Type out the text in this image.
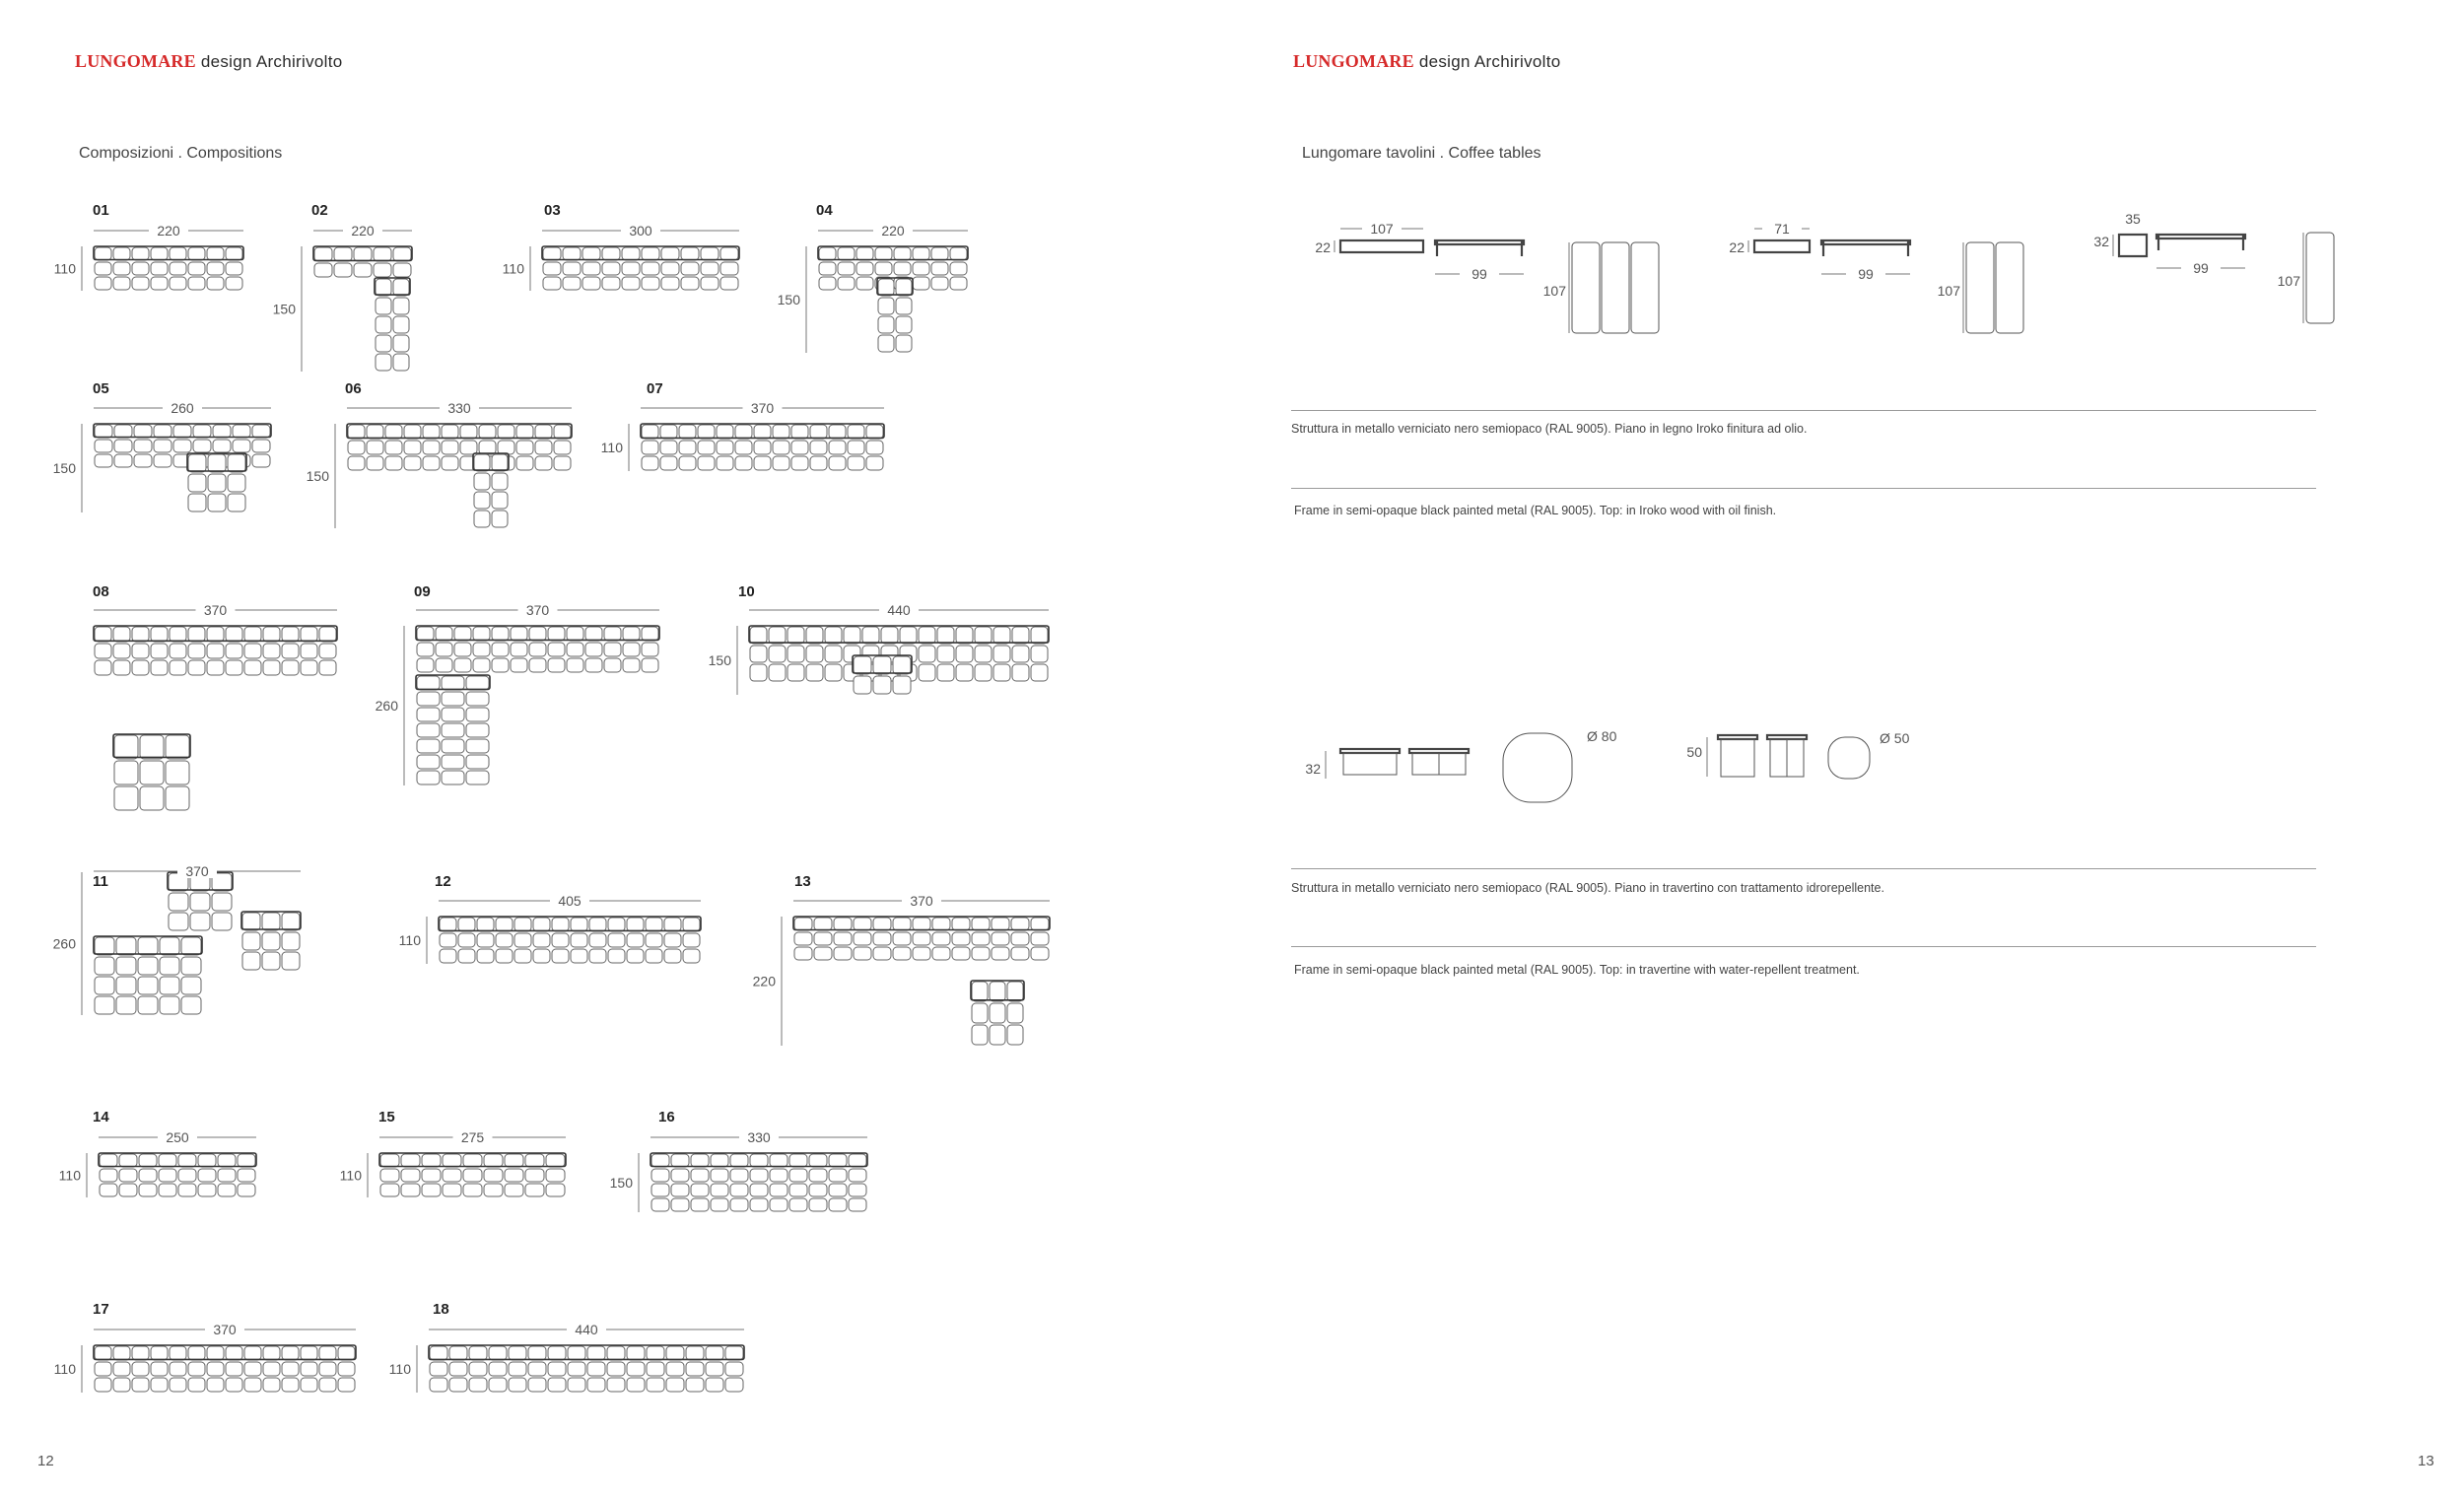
LUNGOMARE design Archirivolto
Composizioni . Compositions
12
LUNGOMARE design Archirivolto
Lungomare tavolini . Coffee tables
13
Struttura in metallo verniciato nero semiopaco (RAL 9005). Piano in legno Iroko finitura ad olio.
Frame in semi-opaque black painted metal (RAL 9005). Top: in Iroko wood with oil finish.
Struttura in metallo verniciato nero semiopaco (RAL 9005). Piano in travertino con trattamento idrorepellente.
Frame in semi-opaque black painted metal (RAL 9005). Top: in travertine with water-repellent treatment.
01
220
110
02
220
150
03
300
110
04
220
150
05
260
150
06
330
150
07
370
110
08
370
09
370
260
10
440
150
11
370
260
12
405
110
13
370
220
14
250
110
15
275
110
16
330
150
17
370
110
18
440
110
107
22
99
107
71
22
99
107
35
32
99
107
32
Ø 80
50
Ø 50
